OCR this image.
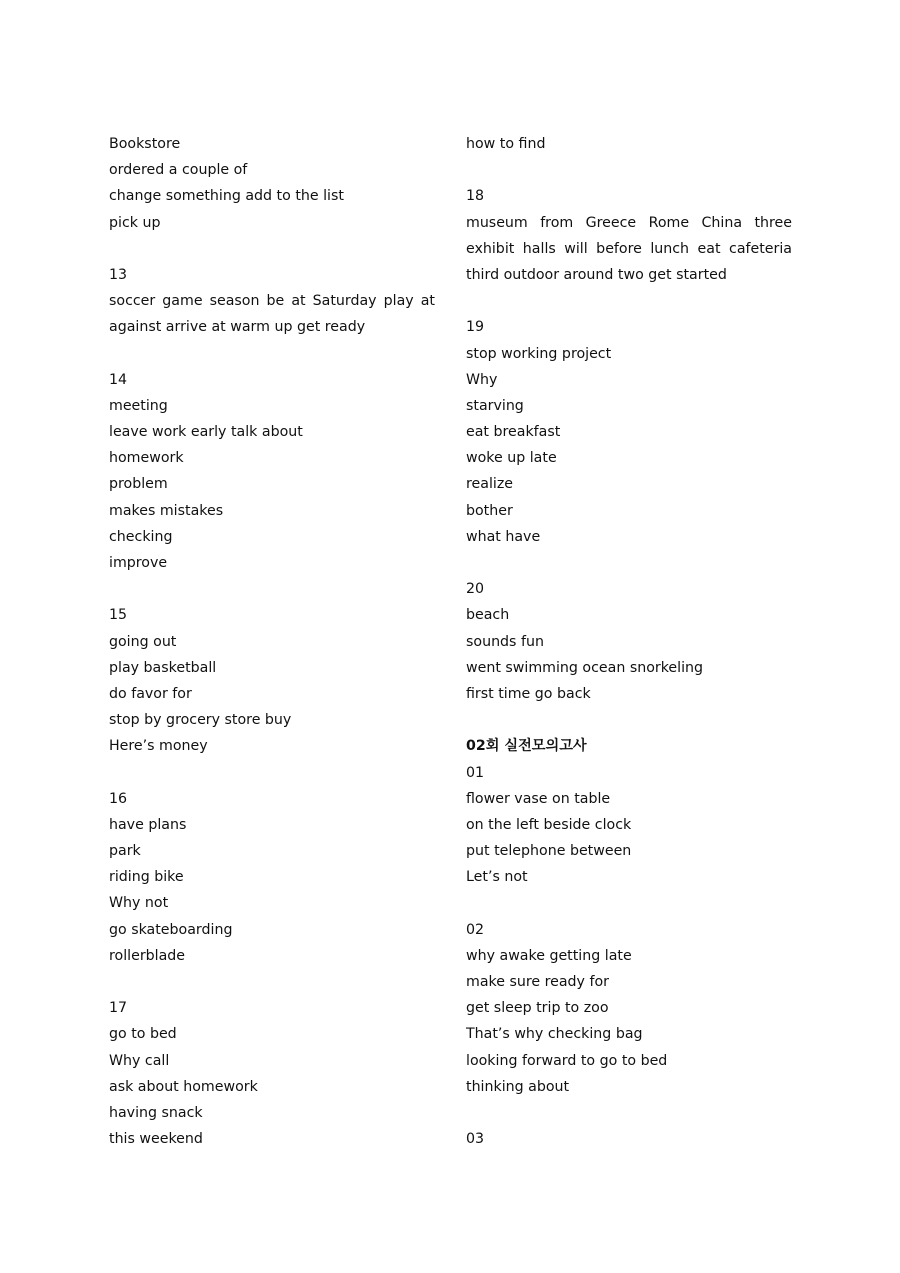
Bookstore
ordered a couple of
change something add to the list
pick up
13
soccer game season be at Saturday play at
against arrive at warm up get ready
14
meeting
leave work early talk about
homework
problem
makes mistakes
checking
improve
15
going out
play basketball
do favor for
stop by grocery store buy
Here’s money
16
have plans
park
riding bike
Why not
go skateboarding
rollerblade
17
go to bed
Why call
ask about homework
having snack
this weekend
how to find
18
museum from Greece Rome China three
exhibit halls will before lunch eat cafeteria
third outdoor around two get started
19
stop working project
Why
starving
eat breakfast
woke up late
realize
bother
what have
20
beach
sounds fun
went swimming ocean snorkeling
first time go back
02회 실전모의고사
01
flower vase on table
on the left beside clock
put telephone between
Let’s not
02
why awake getting late
make sure ready for
get sleep trip to zoo
That’s why checking bag
looking forward to go to bed
thinking about
03
